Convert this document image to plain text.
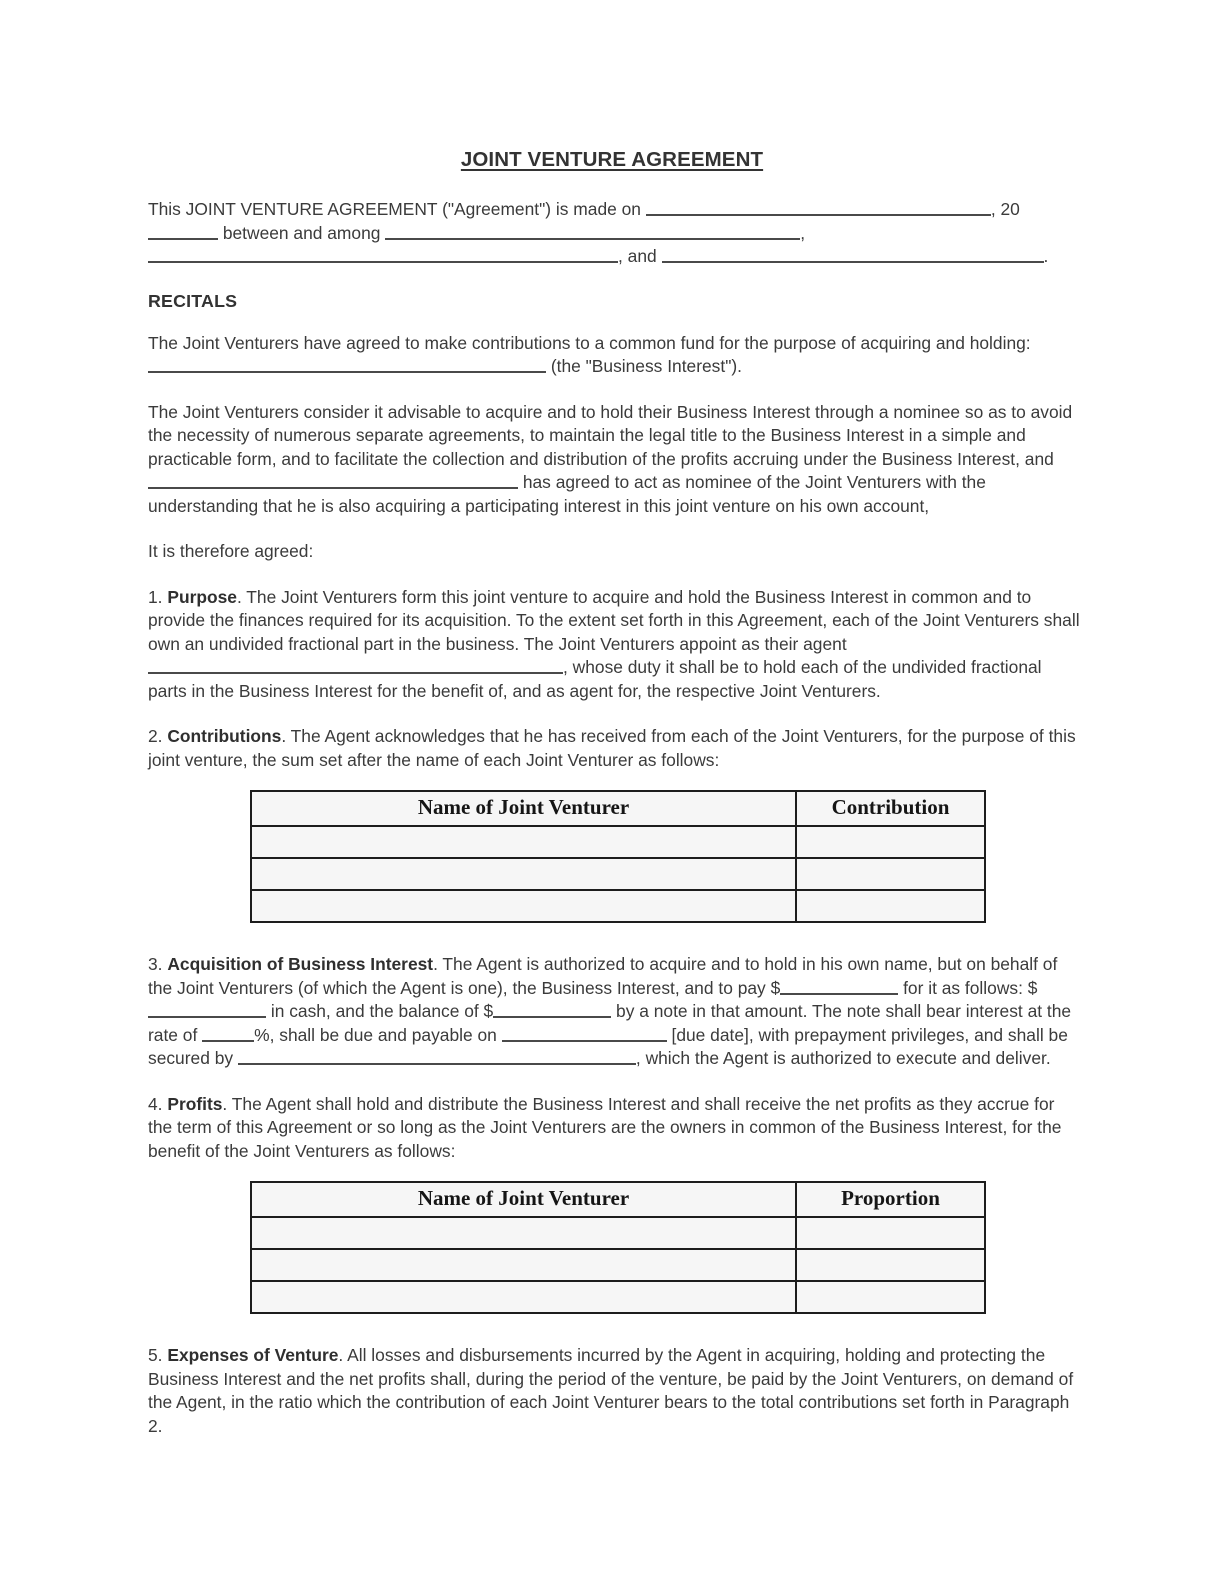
JOINT VENTURE AGREEMENT

This JOINT VENTURE AGREEMENT ("Agreement") is made on	, 20 between and among	, , and	.

RECITALS

The Joint Venturers have agreed to make contributions to a common fund for the purpose of acquiring and holding:  (the "Business Interest").

The Joint Venturers consider it advisable to acquire and to hold their Business Interest through a nominee so as to avoid the necessity of numerous separate agreements, to maintain the legal title to the Business Interest in a simple and practicable form, and to facilitate the collection and distribution of the profits accruing under the Business Interest, and  has agreed to act as nominee of the Joint Venturers with the understanding that he is also acquiring a participating interest in this joint venture on his own account,

It is therefore agreed:

1. Purpose. The Joint Venturers form this joint venture to acquire and hold the Business Interest in common and to provide the finances required for its acquisition. To the extent set forth in this Agreement, each of the Joint Venturers shall own an undivided fractional part in the business. The Joint Venturers appoint as their agent , whose duty it shall be to hold each of the undivided fractional parts in the Business Interest for the benefit of, and as agent for, the respective Joint Venturers.

2. Contributions. The Agent acknowledges that he has received from each of the Joint Venturers, for the purpose of this joint venture, the sum set after the name of each Joint Venturer as follows:

Name of Joint Venturer	Contribution

3. Acquisition of Business Interest. The Agent is authorized to acquire and to hold in his own name, but on behalf of the Joint Venturers (of which the Agent is one), the Business Interest, and to pay $	for it as follows: $ in cash, and the balance of $	by a note in that amount. The note shall bear interest at the rate of	%, shall be due and payable on	[due date], with prepayment privileges, and shall be secured by	, which the Agent is authorized to execute and deliver.

4. Profits. The Agent shall hold and distribute the Business Interest and shall receive the net profits as they accrue for the term of this Agreement or so long as the Joint Venturers are the owners in common of the Business Interest, for the benefit of the Joint Venturers as follows:

Name of Joint Venturer	Proportion

5. Expenses of Venture. All losses and disbursements incurred by the Agent in acquiring, holding and protecting the Business Interest and the net profits shall, during the period of the venture, be paid by the Joint Venturers, on demand of the Agent, in the ratio which the contribution of each Joint Venturer bears to the total contributions set forth in Paragraph 2.
